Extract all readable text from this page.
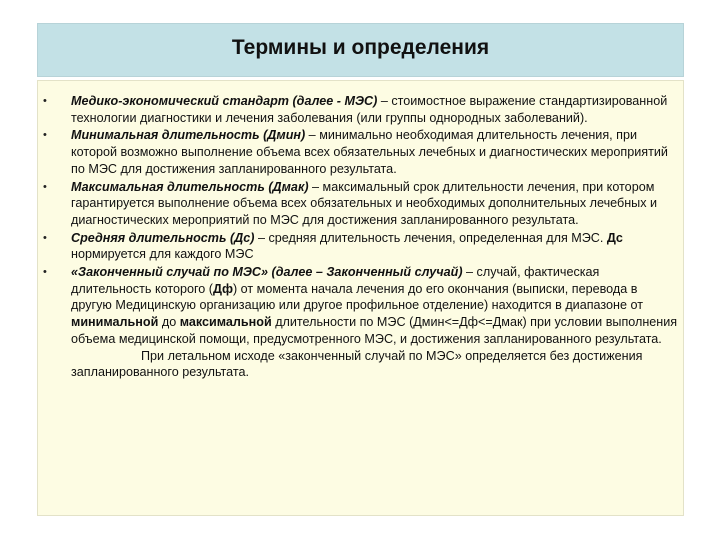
Термины и определения
• Медико-экономический стандарт (далее - МЭС) – стоимостное выражение стандартизированной технологии диагностики и лечения заболевания (или группы однородных заболеваний).
• Минимальная длительность (Дмин) – минимально необходимая длительность лечения, при которой возможно выполнение объема всех обязательных лечебных и диагностических мероприятий по МЭС для достижения запланированного результата.
• Максимальная длительность (Дмак) – максимальный срок длительности лечения, при котором гарантируется выполнение объема всех обязательных и необходимых дополнительных лечебных и диагностических мероприятий по МЭС для достижения запланированного результата.
• Средняя длительность (Дс) – средняя длительность лечения, определенная для МЭС. Дс нормируется для каждого МЭС
• «Законченный случай по МЭС» (далее – Законченный случай) – случай, фактическая длительность которого (Дф) от момента начала лечения до его окончания (выписки, перевода в другую Медицинскую организацию или другое профильное отделение) находится в диапазоне от минимальной до максимальной длительности по МЭС (Дмин<=Дф<=Дмак) при условии выполнения объема медицинской помощи, предусмотренного МЭС, и достижения запланированного результата.При летальном исходе «законченный случай по МЭС» определяется без достижения запланированного результата.
